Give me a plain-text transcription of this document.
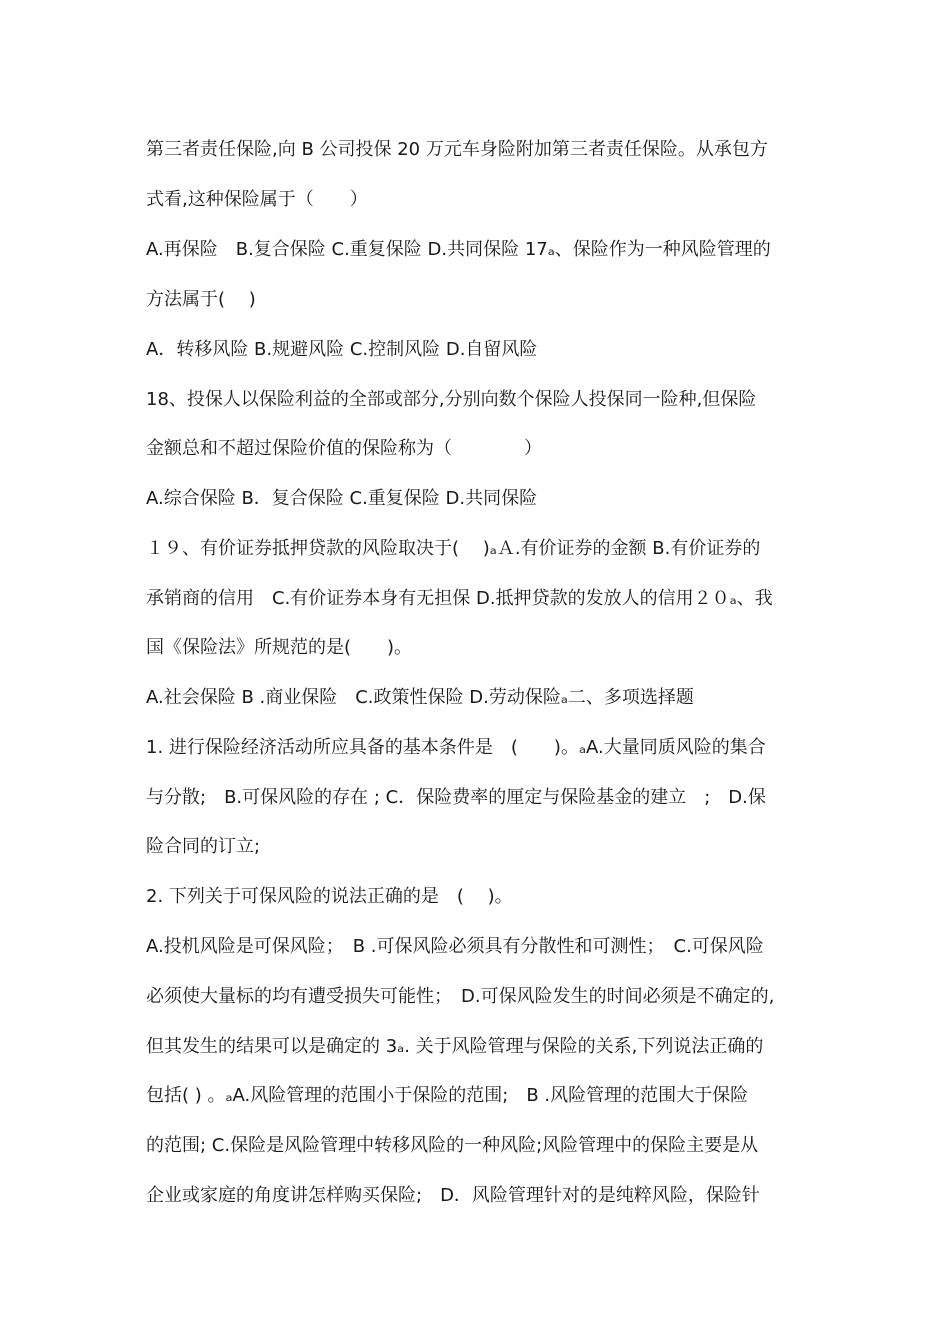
第三者责任保险,向 B 公司投保 20 万元车身险附加第三者责任保险。从承包方
式看,这种保险属于（　　）
A.再保险　B.复合保险 C.重复保险 D.共同保险 17ₐ、保险作为一种风险管理的
方法属于(　 )
A．转移风险 B.规避风险 C.控制风险 D.自留风险
18、投保人以保险利益的全部或部分,分别向数个保险人投保同一险种,但保险
金额总和不超过保险价值的保险称为（　　　　）
A.综合保险 B．复合保险 C.重复保险 D.共同保险
１９、有价证券抵押贷款的风险取决于(　 )ₐＡ.有价证券的金额 B.有价证券的
承销商的信用　C.有价证券本身有无担保 D.抵押贷款的发放人的信用２０ₐ、我
国《保险法》所规范的是(　　)。
A.社会保险 B .商业保险　C.政策性保险 D.劳动保险ₐ二、多项选择题
1. 进行保险经济活动所应具备的基本条件是　(　　)。ₐA.大量同质风险的集合
与分散;　B.可保风险的存在 ; C．保险费率的厘定与保险基金的建立　;　D.保
险合同的订立;
2. 下列关于可保风险的说法正确的是　(　 )。
A.投机风险是可保风险；　B .可保风险必须具有分散性和可测性；　C.可保风险
必须使大量标的均有遭受损失可能性；　D.可保风险发生的时间必须是不确定的,
但其发生的结果可以是确定的 3ₐ. 关于风险管理与保险的关系,下列说法正确的
包括( ) 。ₐA.风险管理的范围小于保险的范围;　B .风险管理的范围大于保险
的范围; C.保险是风险管理中转移风险的一种风险;风险管理中的保险主要是从
企业或家庭的角度讲怎样购买保险;　D．风险管理针对的是纯粹风险，保险针
